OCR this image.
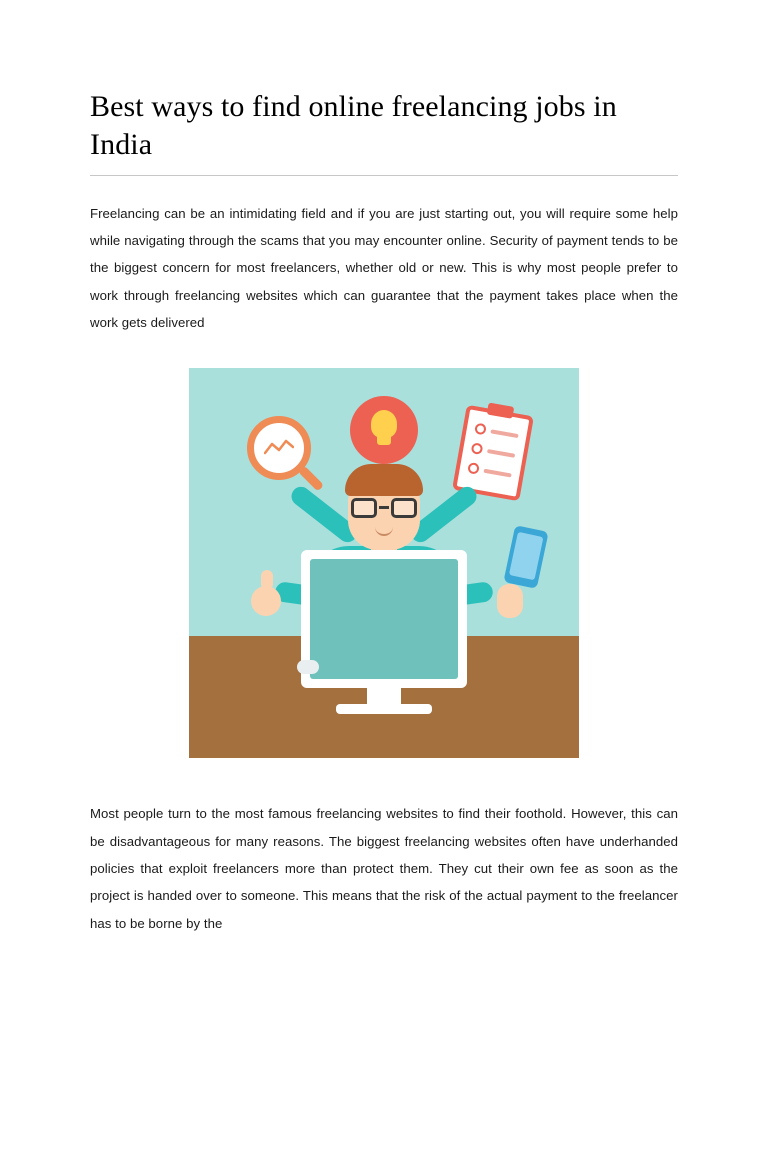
Best ways to find online freelancing jobs in India

Freelancing can be an intimidating field and if you are just starting out, you will require some help while navigating through the scams that you may encounter online. Security of payment tends to be the biggest concern for most freelancers, whether old or new. This is why most people prefer to work through freelancing websites which can guarantee that the payment takes place when the work gets delivered

Most people turn to the most famous freelancing websites to find their foothold. However, this can be disadvantageous for many reasons. The biggest freelancing websites often have underhanded policies that exploit freelancers more than protect them. They cut their own fee as soon as the project is handed over to someone. This means that the risk of the actual payment to the freelancer has to be borne by the
